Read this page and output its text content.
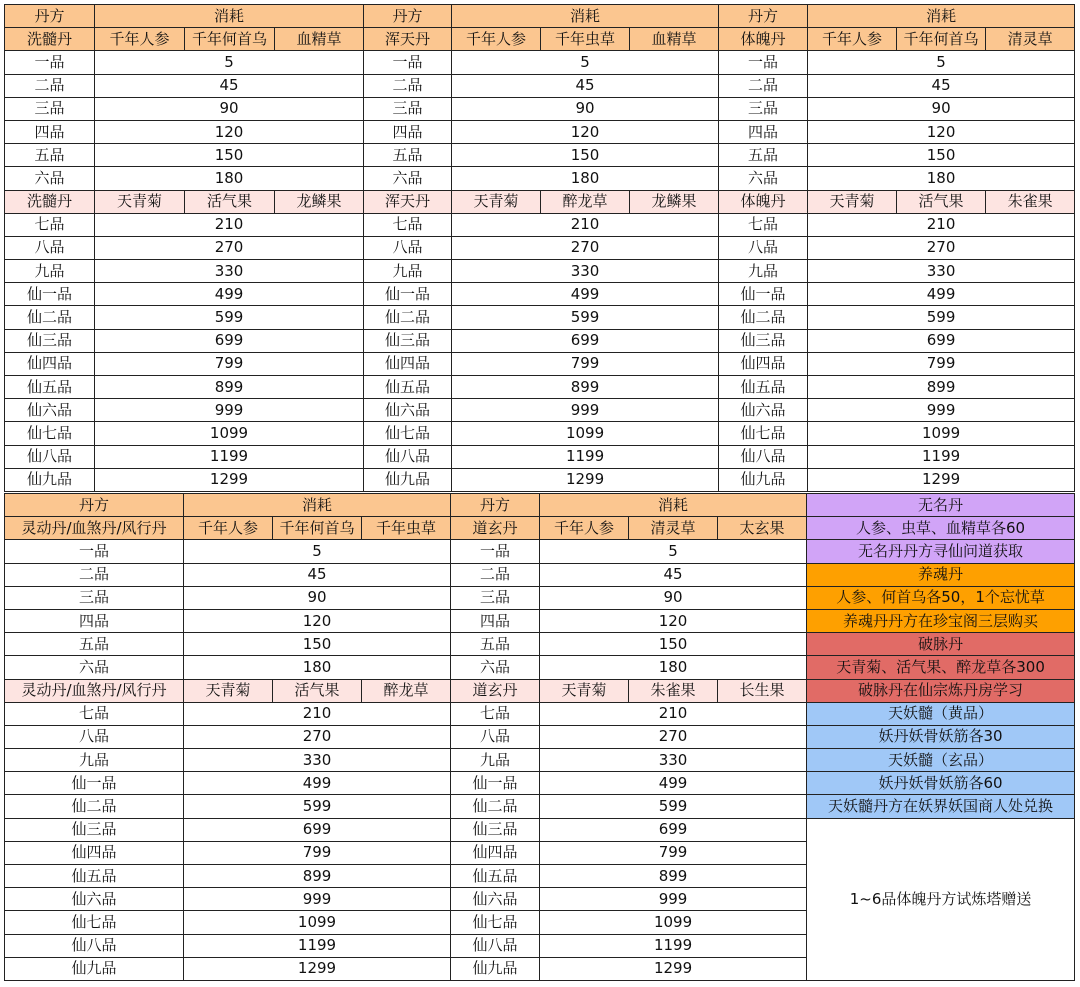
丹方	消耗			丹方	消耗			丹方	消耗		
洗髓丹	千年人参	千年何首乌	血精草	浑天丹	千年人参	千年虫草	血精草	体魄丹	千年人参	千年何首乌	清灵草
一品	5			一品	5			一品	5		
二品	45			二品	45			二品	45		
三品	90			三品	90			三品	90		
四品	120			四品	120			四品	120		
五品	150			五品	150			五品	150		
六品	180			六品	180			六品	180		
洗髓丹	天青菊	活气果	龙鳞果	浑天丹	天青菊	醉龙草	龙鳞果	体魄丹	天青菊	活气果	朱雀果
七品	210			七品	210			七品	210		
八品	270			八品	270			八品	270		
九品	330			九品	330			九品	330		
仙一品	499			仙一品	499			仙一品	499		
仙二品	599			仙二品	599			仙二品	599		
仙三品	699			仙三品	699			仙三品	699		
仙四品	799			仙四品	799			仙四品	799		
仙五品	899			仙五品	899			仙五品	899		
仙六品	999			仙六品	999			仙六品	999		
仙七品	1099			仙七品	1099			仙七品	1099		
仙八品	1199			仙八品	1199			仙八品	1199		
仙九品	1299			仙九品	1299			仙九品	1299		
丹方	消耗			丹方	消耗			无名丹
灵动丹/血煞丹/风行丹	千年人参	千年何首乌	千年虫草	道玄丹	千年人参	清灵草	太玄果	人参、虫草、血精草各60
一品	5			一品	5			无名丹丹方寻仙问道获取
二品	45			二品	45			养魂丹
三品	90			三品	90			人参、何首乌各50，1个忘忧草
四品	120			四品	120			养魂丹丹方在珍宝阁三层购买
五品	150			五品	150			破脉丹
六品	180			六品	180			天青菊、活气果、醉龙草各300
灵动丹/血煞丹/风行丹	天青菊	活气果	醉龙草	道玄丹	天青菊	朱雀果	长生果	破脉丹在仙宗炼丹房学习
七品	210			七品	210			天妖髓（黄品）
八品	270			八品	270			妖丹妖骨妖筋各30
九品	330			九品	330			天妖髓（玄品）
仙一品	499			仙一品	499			妖丹妖骨妖筋各60
仙二品	599			仙二品	599			天妖髓丹方在妖界妖国商人处兑换
仙三品	699			仙三品	699			1~6品体魄丹方试炼塔赠送
仙四品	799			仙四品	799			
仙五品	899			仙五品	899			
仙六品	999			仙六品	999			
仙七品	1099			仙七品	1099			
仙八品	1199			仙八品	1199			
仙九品	1299			仙九品	1299			
